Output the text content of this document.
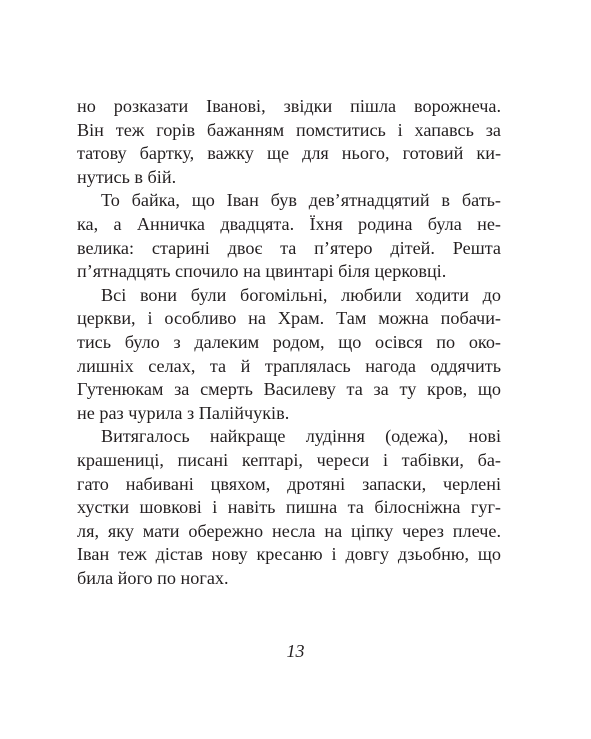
но розказати Іванові, звідки пішла ворожнеча.
Він теж горів бажанням помститись і хапавсь за
татову бартку, важку ще для нього, готовий ки-
нутись в бій.
То байка, що Іван був дев’ятнадцятий в бать-
ка, а Анничка двадцята. Їхня родина була не-
велика: старині двоє та п’ятеро дітей. Решта
п’ятнадцять спочило на цвинтарі біля церковці.
Всі вони були богомільні, любили ходити до
церкви, і особливо на Храм. Там можна побачи-
тись було з далеким родом, що осівся по око-
лишніх селах, та й траплялась нагода оддячить
Гутенюкам за смерть Василеву та за ту кров, що
не раз чурила з Палійчуків.
Витягалось найкраще лудіння (одежа), нові
крашениці, писані кептарі, череси і табівки, ба-
гато набивані цвяхом, дротяні запаски, черлені
хустки шовкові і навіть пишна та білосніжна гуг-
ля, яку мати обережно несла на ціпку через плече.
Іван теж дістав нову кресаню і довгу дзьобню, що
била його по ногах.
13
